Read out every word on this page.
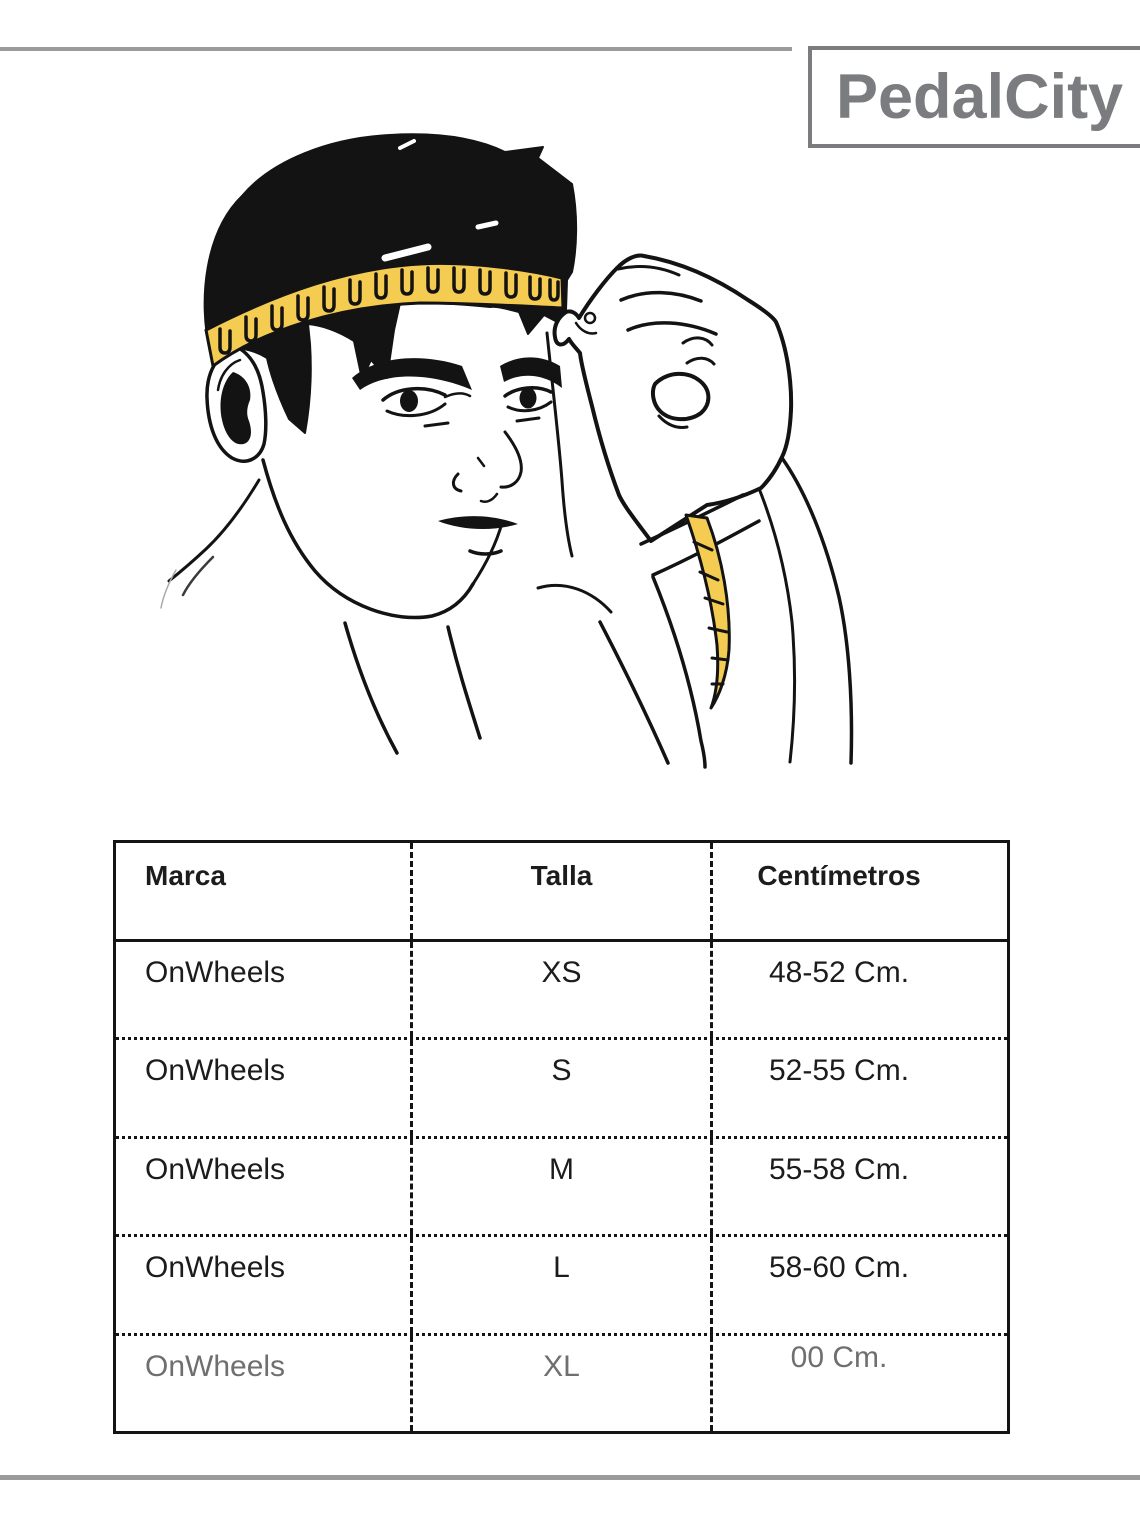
PedalCity
Marca	Talla	Centímetros
OnWheels	XS	48-52 Cm.
OnWheels	S	52-55 Cm.
OnWheels	M	55-58 Cm.
OnWheels	L	58-60 Cm.
OnWheels	XL	00 Cm.
